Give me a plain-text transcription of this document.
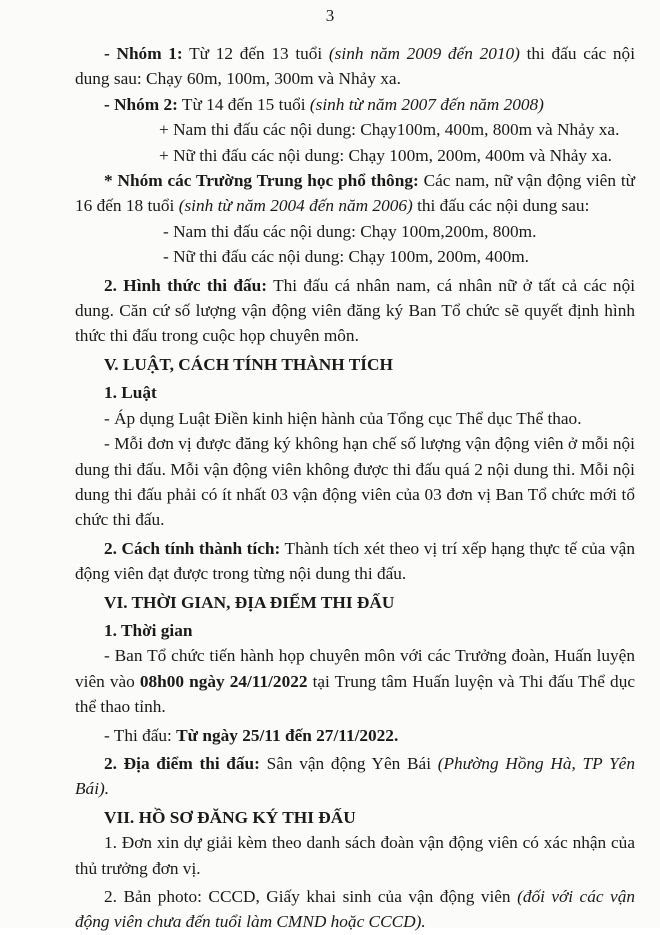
3

- Nhóm 1: Từ 12 đến 13 tuổi (sinh năm 2009 đến 2010) thi đấu các nội dung sau: Chạy 60m, 100m, 300m và Nhảy xa.

- Nhóm 2: Từ 14 đến 15 tuổi (sinh từ năm 2007 đến năm 2008)

+ Nam thi đấu các nội dung: Chạy100m, 400m, 800m và Nhảy xa.

+ Nữ thi đấu các nội dung: Chạy 100m, 200m, 400m và Nhảy xa.

* Nhóm các Trường Trung học phổ thông: Các nam, nữ vận động viên từ 16 đến 18 tuổi (sinh từ năm 2004 đến năm 2006) thi đấu các nội dung sau:

- Nam thi đấu các nội dung: Chạy 100m,200m, 800m.

- Nữ thi đấu các nội dung: Chạy 100m, 200m, 400m.

2. Hình thức thi đấu: Thi đấu cá nhân nam, cá nhân nữ ở tất cả các nội dung. Căn cứ số lượng vận động viên đăng ký Ban Tổ chức sẽ quyết định hình thức thi đấu trong cuộc họp chuyên môn.

V. LUẬT, CÁCH TÍNH THÀNH TÍCH

1. Luật

- Áp dụng Luật Điền kinh hiện hành của Tổng cục Thể dục Thể thao.

- Mỗi đơn vị được đăng ký không hạn chế số lượng vận động viên ở mỗi nội dung thi đấu. Mỗi vận động viên không được thi đấu quá 2 nội dung thi. Mỗi nội dung thi đấu phải có ít nhất 03 vận động viên của 03 đơn vị Ban Tổ chức mới tổ chức thi đấu.

2. Cách tính thành tích: Thành tích xét theo vị trí xếp hạng thực tế của vận động viên đạt được trong từng nội dung thi đấu.

VI. THỜI GIAN, ĐỊA ĐIỂM THI ĐẤU

1. Thời gian

- Ban Tổ chức tiến hành họp chuyên môn với các Trưởng đoàn, Huấn luyện viên vào 08h00 ngày 24/11/2022 tại Trung tâm Huấn luyện và Thi đấu Thể dục thể thao tỉnh.

- Thi đấu: Từ ngày 25/11 đến 27/11/2022.

2. Địa điểm thi đấu: Sân vận động Yên Bái (Phường Hồng Hà, TP Yên Bái).

VII. HỒ SƠ ĐĂNG KÝ THI ĐẤU

1. Đơn xin dự giải kèm theo danh sách đoàn vận động viên có xác nhận của thủ trưởng đơn vị.

2. Bản photo: CCCD, Giấy khai sinh của vận động viên (đối với các vận động viên chưa đến tuổi làm CMND hoặc CCCD).
